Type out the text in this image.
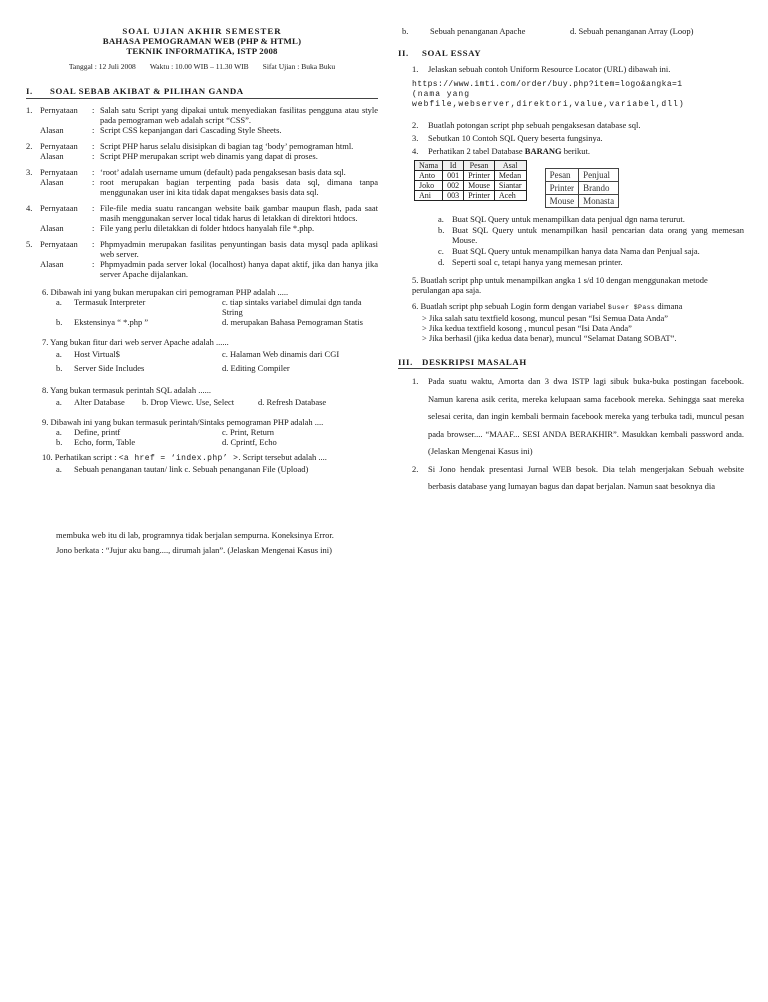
SOAL UJIAN AKHIR SEMESTER
BAHASA PEMOGRAMAN WEB (PHP & HTML)
TEKNIK INFORMATIKA, ISTP 2008
Tanggal : 12 Juli 2008 Waktu : 10.00 WIB – 11.30 WIB Sifat Ujian : Buka Buku
I.	SOAL SEBAB AKIBAT & PILIHAN GANDA
1. Pernyataan	: Salah satu Script yang dipakai untuk menyediakan fasilitas pengguna atau style pada pemograman web adalah script “CSS”.
Alasan	: Script CSS kepanjangan dari Cascading Style Sheets.
2. Pernyataan	: Script PHP harus selalu disisipkan di bagian tag ‘body’ pemograman html.
Alasan	: Script PHP merupakan script web dinamis yang dapat di proses.
3. Pernyataan	: ‘root’ adalah username umum (default) pada pengaksesan basis data sql.
Alasan	: root merupakan bagian terpenting pada basis data sql, dimana tanpa menggunakan user ini kita tidak dapat mengakses basis data sql.
4. Pernyataan	: File-file media suatu rancangan website baik gambar maupun flash, pada saat masih menggunakan server local tidak harus di letakkan di direktori htdocs.
Alasan	: File yang perlu diletakkan di folder htdocs hanyalah file *.php.
5. Pernyataan	: Phpmyadmin merupakan fasilitas penyuntingan basis data mysql pada aplikasi web server.
Alasan	: Phpmyadmin pada server lokal (localhost) hanya dapat aktif, jika dan hanya jika server Apache dijalankan.
6. Dibawah ini yang bukan merupakan ciri pemograman PHP adalah .....
a.	Termasuk Interpreter	c. tiap sintaks variabel dimulai dgn tanda String
b.	Ekstensinya “ *.php ”	d. merupakan Bahasa Pemograman Statis
7. Yang bukan fitur dari web server Apache adalah ......
a.	Host Virtual$	c. Halaman Web dinamis dari CGI
b.	Server Side Includes	d. Editing Compiler
8. Yang bukan termasuk perintah SQL adalah ......
a.	Alter Database	b. Drop Viewc. Use, Select	d. Refresh Database
9. Dibawah ini yang bukan termasuk perintah/Sintaks pemograman PHP adalah ....
a.	Define, printf	c. Print, Return
b.	Echo, form, Table	d. Cprintf, Echo
10. Perhatikan script : <a href = ‘index.php’ >. Script tersebut adalah ....
a.	Sebuah penanganan tautan/ link c. Sebuah penanganan File (Upload)
membuka web itu di lab, programnya tidak berjalan sempurna. Koneksinya Error.
Jono berkata : “Jujur aku bang...., dirumah jalan”. (Jelaskan Mengenai Kasus ini)
b.	Sebuah penanganan Apache	d. Sebuah penanganan Array (Loop)
II. SOAL ESSAY
1.	Jelaskan sebuah contoh Uniform Resource Locator (URL) dibawah ini.
https://www.imti.com/order/buy.php?item=logo&angka=1
(nama yang webfile,webserver,direktori,value,variabel,dll)
2.	Buatlah potongan script php sebuah pengaksesan database sql.
3.	Sebutkan 10 Contoh SQL Query beserta fungsinya.
4.	Perhatikan 2 tabel Database BARANG berikut.
Nama	Id	Pesan	Asal
Anto	001	Printer	Medan
Joko	002	Mouse	Siantar
Ani	003	Printer	Aceh
Pesan	Penjual
Printer	Brando
Mouse	Monasta
a. Buat SQL Query untuk menampilkan data penjual dgn nama terurut.
b. Buat SQL Query untuk menampilkan hasil pencarian data orang yang memesan Mouse.
c. Buat SQL Query untuk menampilkan hanya data Nama dan Penjual saja.
d. Seperti soal c, tetapi hanya yang memesan printer.
5. Buatlah script php untuk menampilkan angka 1 s/d 10 dengan menggunakan metode perulangan apa saja.
6. Buatlah script php sebuah Login form dengan variabel $user $Pass dimana
> Jika salah satu textfield kosong, muncul pesan “Isi Semua Data Anda”
> Jika kedua textfield kosong , muncul pesan “Isi Data Anda”
> Jika berhasil (jika kedua data benar), muncul “Selamat Datang SOBAT”.
III. DESKRIPSI MASALAH
1.	Pada suatu waktu, Amorta dan 3 dwa ISTP lagi sibuk buka-buka postingan facebook. Namun karena asik cerita, mereka kelupaan sama facebook mereka. Sehingga saat mereka selesai cerita, dan ingin kembali bermain facebook mereka yang terbuka tadi, muncul pesan pada browser.... “MAAF... SESI ANDA BERAKHIR”. Masukkan kembali password anda. (Jelaskan Mengenai Kasus ini)
2.	Si Jono hendak presentasi Jurnal WEB besok. Dia telah mengerjakan Sebuah website berbasis database yang lumayan bagus dan dapat berjalan. Namun saat besoknya dia
